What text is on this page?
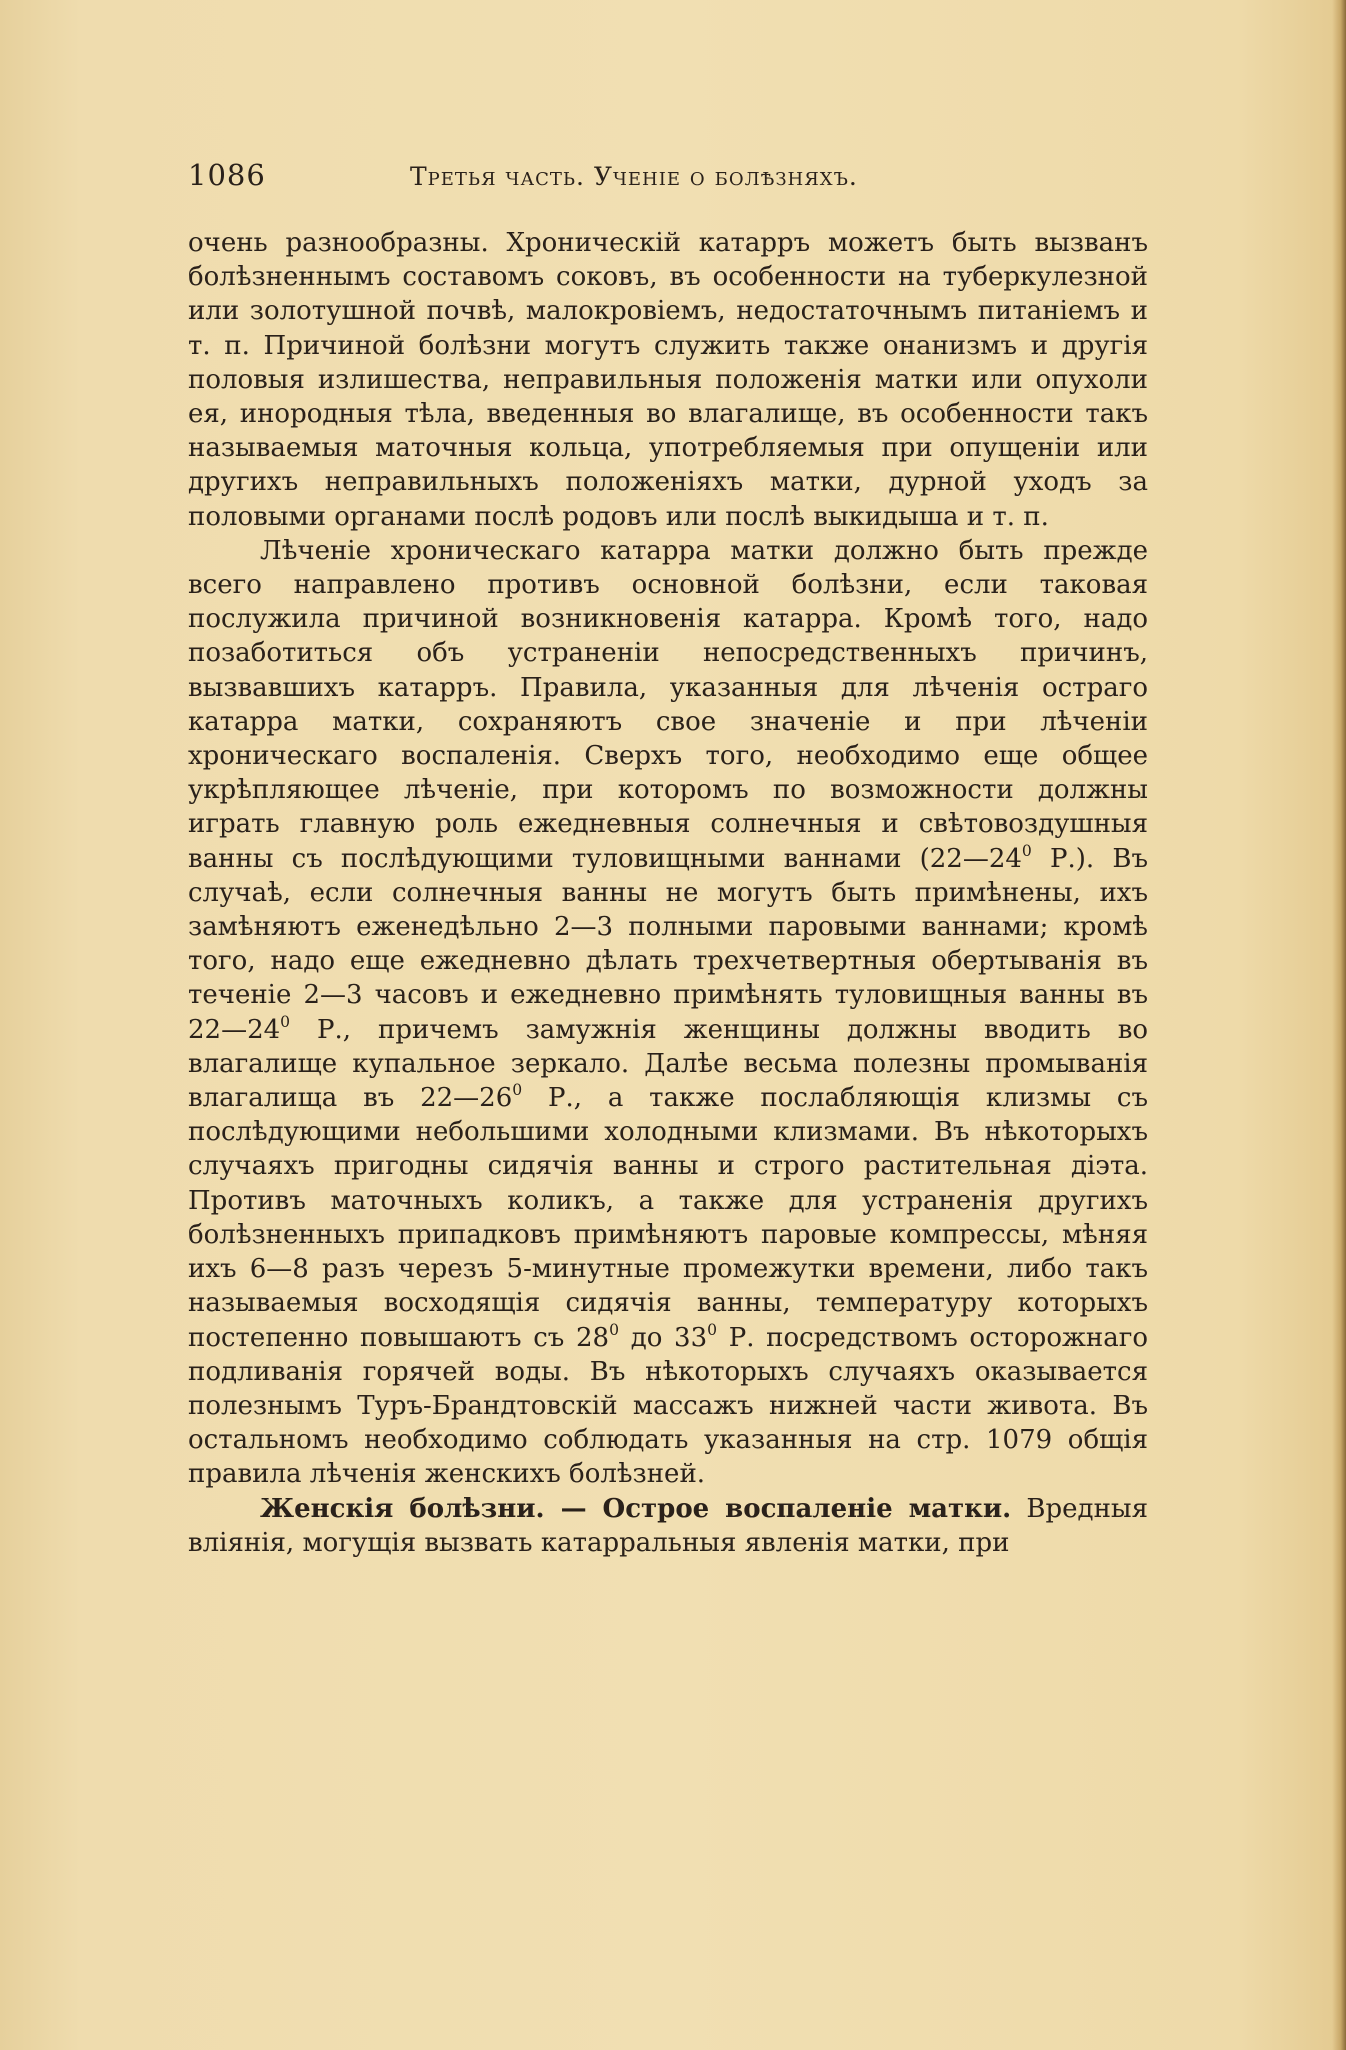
1086	Третья часть. Ученіе о болѣзняхъ.

очень разнообразны. Хроническій катарръ можетъ быть вызванъ болѣзненнымъ составомъ соковъ, въ особенности на туберкулезной или золотушной почвѣ, малокровіемъ, недостаточнымъ питаніемъ и т. п. Причиной болѣзни могутъ служить также онанизмъ и другія половыя излишества, неправильныя положенія матки или опухоли ея, инородныя тѣла, введенныя во влагалище, въ особенности такъ называемыя маточныя кольца, употребляемыя при опущеніи или другихъ неправильныхъ положеніяхъ матки, дурной уходъ за половыми органами послѣ родовъ или послѣ выкидыша и т. п.

Лѣченіе хроническаго катарра матки должно быть прежде всего направлено противъ основной болѣзни, если таковая послужила причиной возникновенія катарра. Кромѣ того, надо позаботиться объ устраненіи непосредственныхъ причинъ, вызвавшихъ катарръ. Правила, указанныя для лѣченія остраго катарра матки, сохраняютъ свое значеніе и при лѣченіи хроническаго воспаленія. Сверхъ того, необходимо еще общее укрѣпляющее лѣченіе, при которомъ по возможности должны играть главную роль ежедневныя солнечныя и свѣтовоздушныя ванны съ послѣдующими туловищными ваннами ($22—24^0$ Р.). Въ случаѣ, если солнечныя ванны не могутъ быть примѣнены, ихъ замѣняютъ еженедѣльно 2—3 полными паровыми ваннами; кромѣ того, надо еще ежедневно дѣлать трехчетвертныя обертыванія въ теченіе 2—3 часовъ и ежедневно примѣнять туловищныя ванны въ $22—24^0$ Р., причемъ замужнія женщины должны вводить во влагалище купальное зеркало. Далѣе весьма полезны промыванія влагалища въ $22—26^0$ Р., а также послабляющія клизмы съ послѣдующими небольшими холодными клизмами. Въ нѣкоторыхъ случаяхъ пригодны сидячія ванны и строго растительная діэта. Противъ маточныхъ коликъ, а также для устраненія другихъ болѣзненныхъ припадковъ примѣняютъ паровые компрессы, мѣняя ихъ 6—8 разъ черезъ 5-минутные промежутки времени, либо такъ называемыя восходящія сидячія ванны, температуру которыхъ постепенно повышаютъ съ $28^0$ до $33^0$ Р. посредствомъ осторожнаго подливанія горячей воды. Въ нѣкоторыхъ случаяхъ оказывается полезнымъ Туръ-Брандтовскій массажъ нижней части живота. Въ остальномъ необходимо соблюдать указанныя на стр. 1079 общія правила лѣченія женскихъ болѣзней.

Женскія болѣзни. — Острое воспаленіе матки. Вредныя вліянія, могущія вызвать катарральныя явленія матки, при
